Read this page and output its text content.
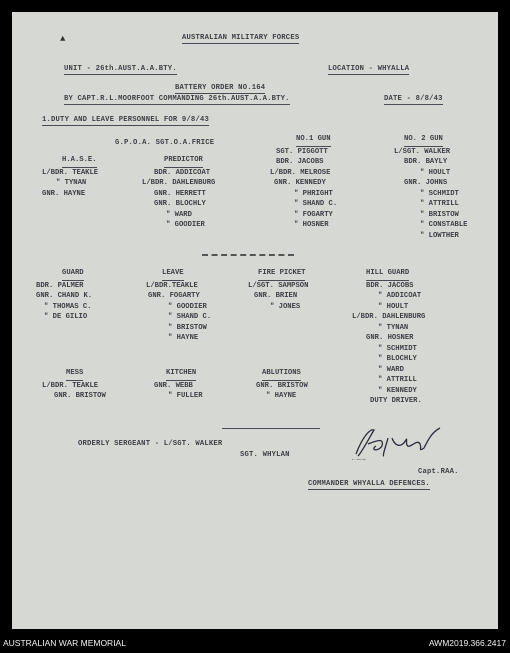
▲	AUSTRALIAN MILITARY FORCES
UNIT - 26th.AUST.A.A.BTY.	LOCATION - WHYALLA
BATTERY ORDER NO.164
BY CAPT.R.L.MOORFOOT COMMANDING 26th.AUST.A.A.BTY.	DATE - 8/8/43
1.DUTY AND LEAVE PERSONNEL FOR 9/8/43
G.P.O.A. SGT.O.A.FRICE
H.A.S.E.
L/BDR. TEAKLE
" TYNAN
GNR. HAYNE
PREDICTOR
BDR. ADDICOAT
L/BDR. DAHLENBURG
GNR. HERRETT
GNR. BLOCHLY
" WARD
" GOODIER
NO.1 GUN
SGT. PIGGOTT
BDR. JACOBS
L/BDR. MELROSE
GNR. KENNEDY
" PHRIGHT
" SHAND C.
" FOGARTY
" HOSNER
NO. 2 GUN
L/SGT. WALKER
BDR. BAYLY
" HOULT
GNR. JOHNS
" SCHMIDT
" ATTRILL
" BRISTOW
" CONSTABLE
" LOWTHER
GUARD
BDR. PALMER
GNR. CHAND K.
" THOMAS C.
" DE GILIO
LEAVE
L/BDR.TEAKLE
GNR. FOGARTY
" GOODIER
" SHAND C.
" BRISTOW
" HAYNE
FIRE PICKET
L/SGT. SAMPSON
GNR. BRIEN
" JONES
HILL GUARD
BDR. JACOBS
" ADDICOAT
" HOULT
L/BDR. DAHLENBURG
" TYNAN
GNR. HOSNER
" SCHMIDT
" BLOCHLY
" WARD
" ATTRILL
" KENNEDY
DUTY DRIVER.
MESS
L/BDR. TEAKLE
GNR. BRISTOW
KITCHEN
GNR. WEBB
" FULLER
ABLUTIONS
GNR. BRISTOW
" HAYNE
ORDERLY SERGEANT - L/SGT. WALKER
SGT. WHYLAN
R.L.Moorfoot
Capt.RAA.
COMMANDER WHYALLA DEFENCES.
AUSTRALIAN WAR MEMORIAL	AWM2019.366.2417
